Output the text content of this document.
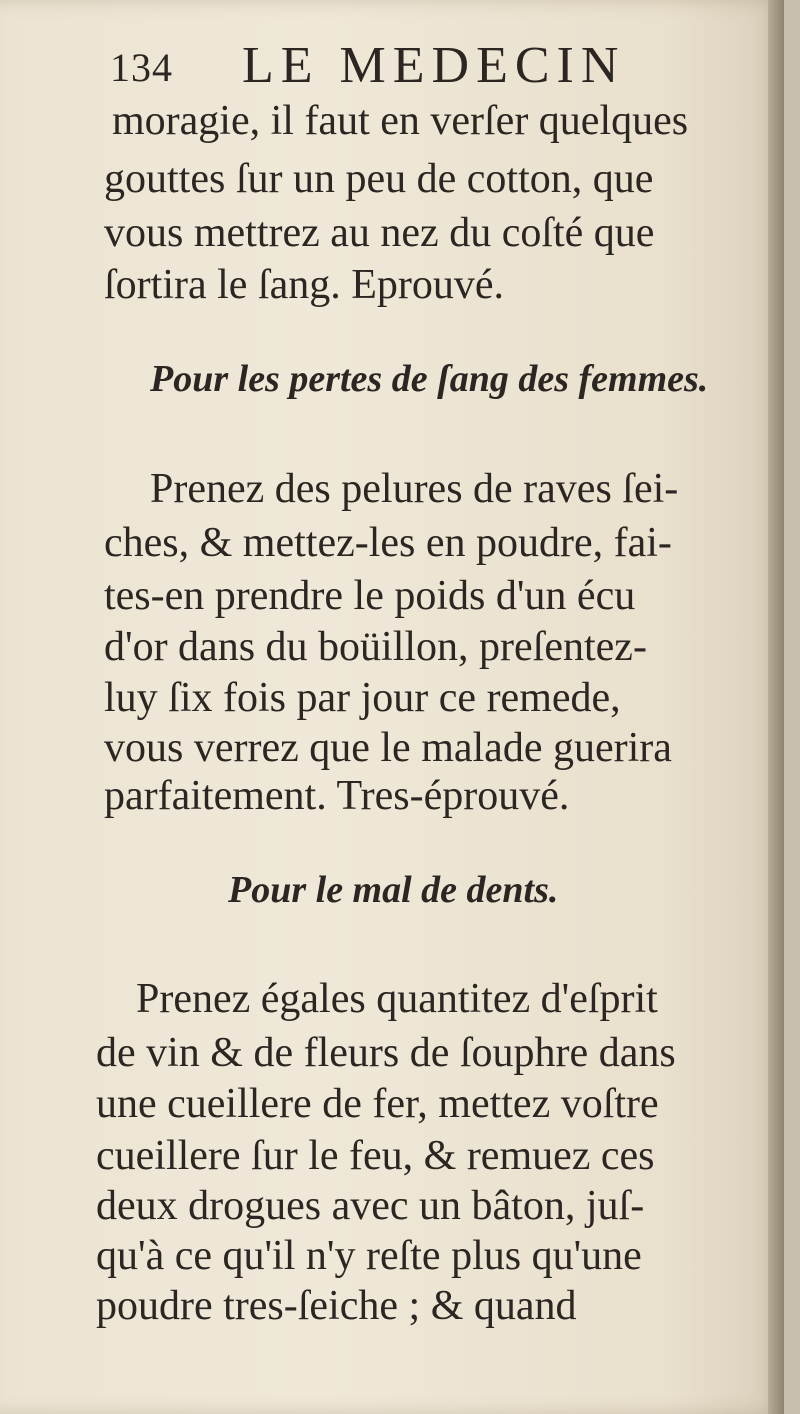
134 LE MEDECIN
moragie, il faut en verſer quelques
gouttes ſur un peu de cotton, que
vous mettrez au nez du coſté que
ſortira le ſang. Eprouvé.
Pour les pertes de ſang des femmes.
Prenez des pelures de raves ſei-
ches, & mettez-les en poudre, fai-
tes-en prendre le poids d'un écu
d'or dans du boüillon, preſentez-
luy ſix fois par jour ce remede,
vous verrez que le malade guerira
parfaitement. Tres-éprouvé.
Pour le mal de dents.
Prenez égales quantitez d'eſprit
de vin & de fleurs de ſouphre dans
une cueillere de fer, mettez voſtre
cueillere ſur le feu, & remuez ces
deux drogues avec un bâton, juſ-
qu'à ce qu'il n'y reſte plus qu'une
poudre tres-ſeiche ; & quand
